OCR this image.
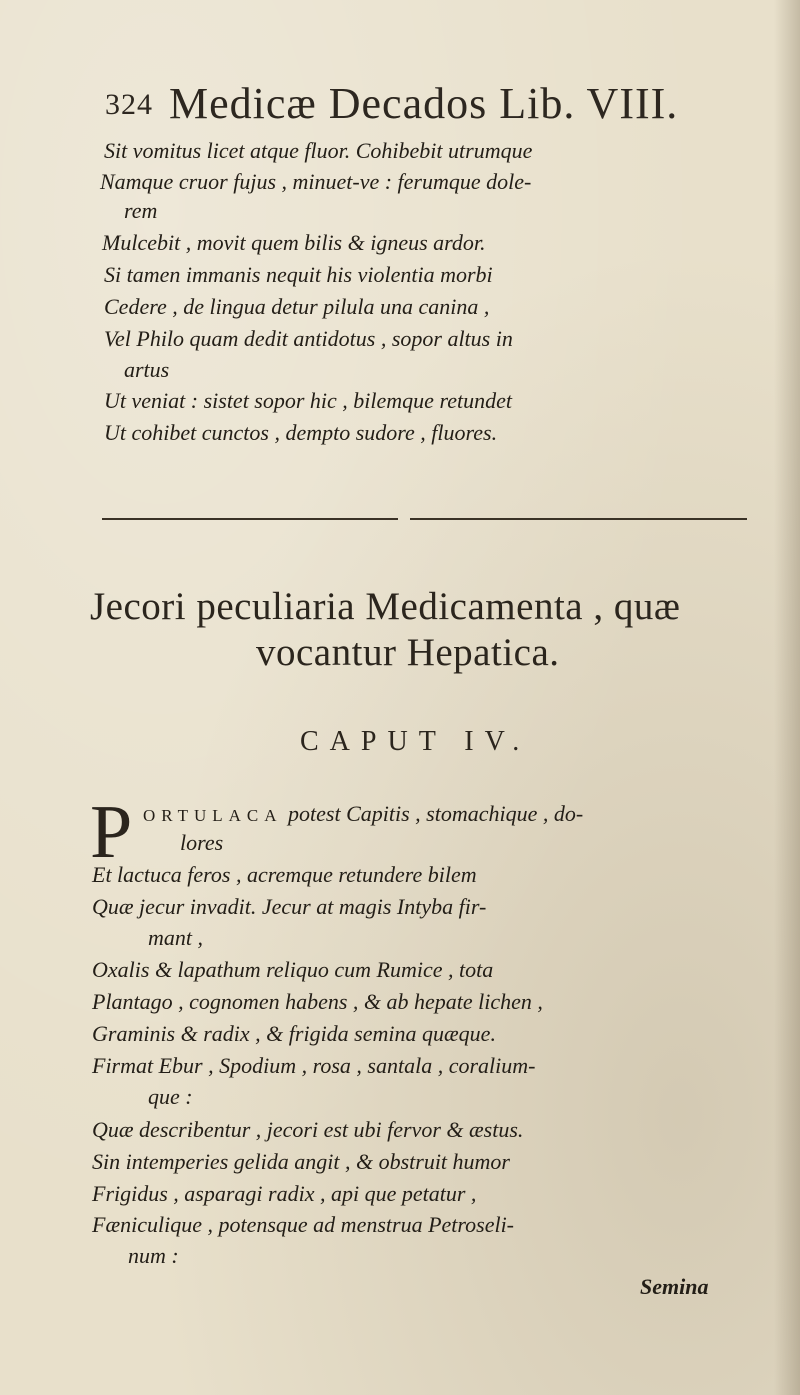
324 Medicæ Decados Lib. VIII.
Sit vomitus licet atque fluor. Cohibebit utrumque
Namque cruor fujus , minuet-ve : ferumque dole-
rem
Mulcebit , movit quem bilis & igneus ardor.
Si tamen immanis nequit his violentia morbi
Cedere , de lingua detur pilula una canina ,
Vel Philo quam dedit antidotus , sopor altus in
artus
Ut veniat : sistet sopor hic , bilemque retundet
Ut cohibet cunctos , dempto sudore , fluores.
Jecori peculiaria Medicamenta , quæ
vocantur Hepatica.
CAPUT IV.
P ORTULACA potest Capitis , stomachique , do-
lores
Et lactuca feros , acremque retundere bilem
Quæ jecur invadit. Jecur at magis Intyba fir-
mant ,
Oxalis & lapathum reliquo cum Rumice , tota
Plantago , cognomen habens , & ab hepate lichen ,
Graminis & radix , & frigida semina quæque.
Firmat Ebur , Spodium , rosa , santala , coralium-
que :
Quæ describentur , jecori est ubi fervor & æstus.
Sin intemperies gelida angit , & obstruit humor
Frigidus , asparagi radix , api que petatur ,
Fæniculique , potensque ad menstrua Petroseli-
num :
Semina
